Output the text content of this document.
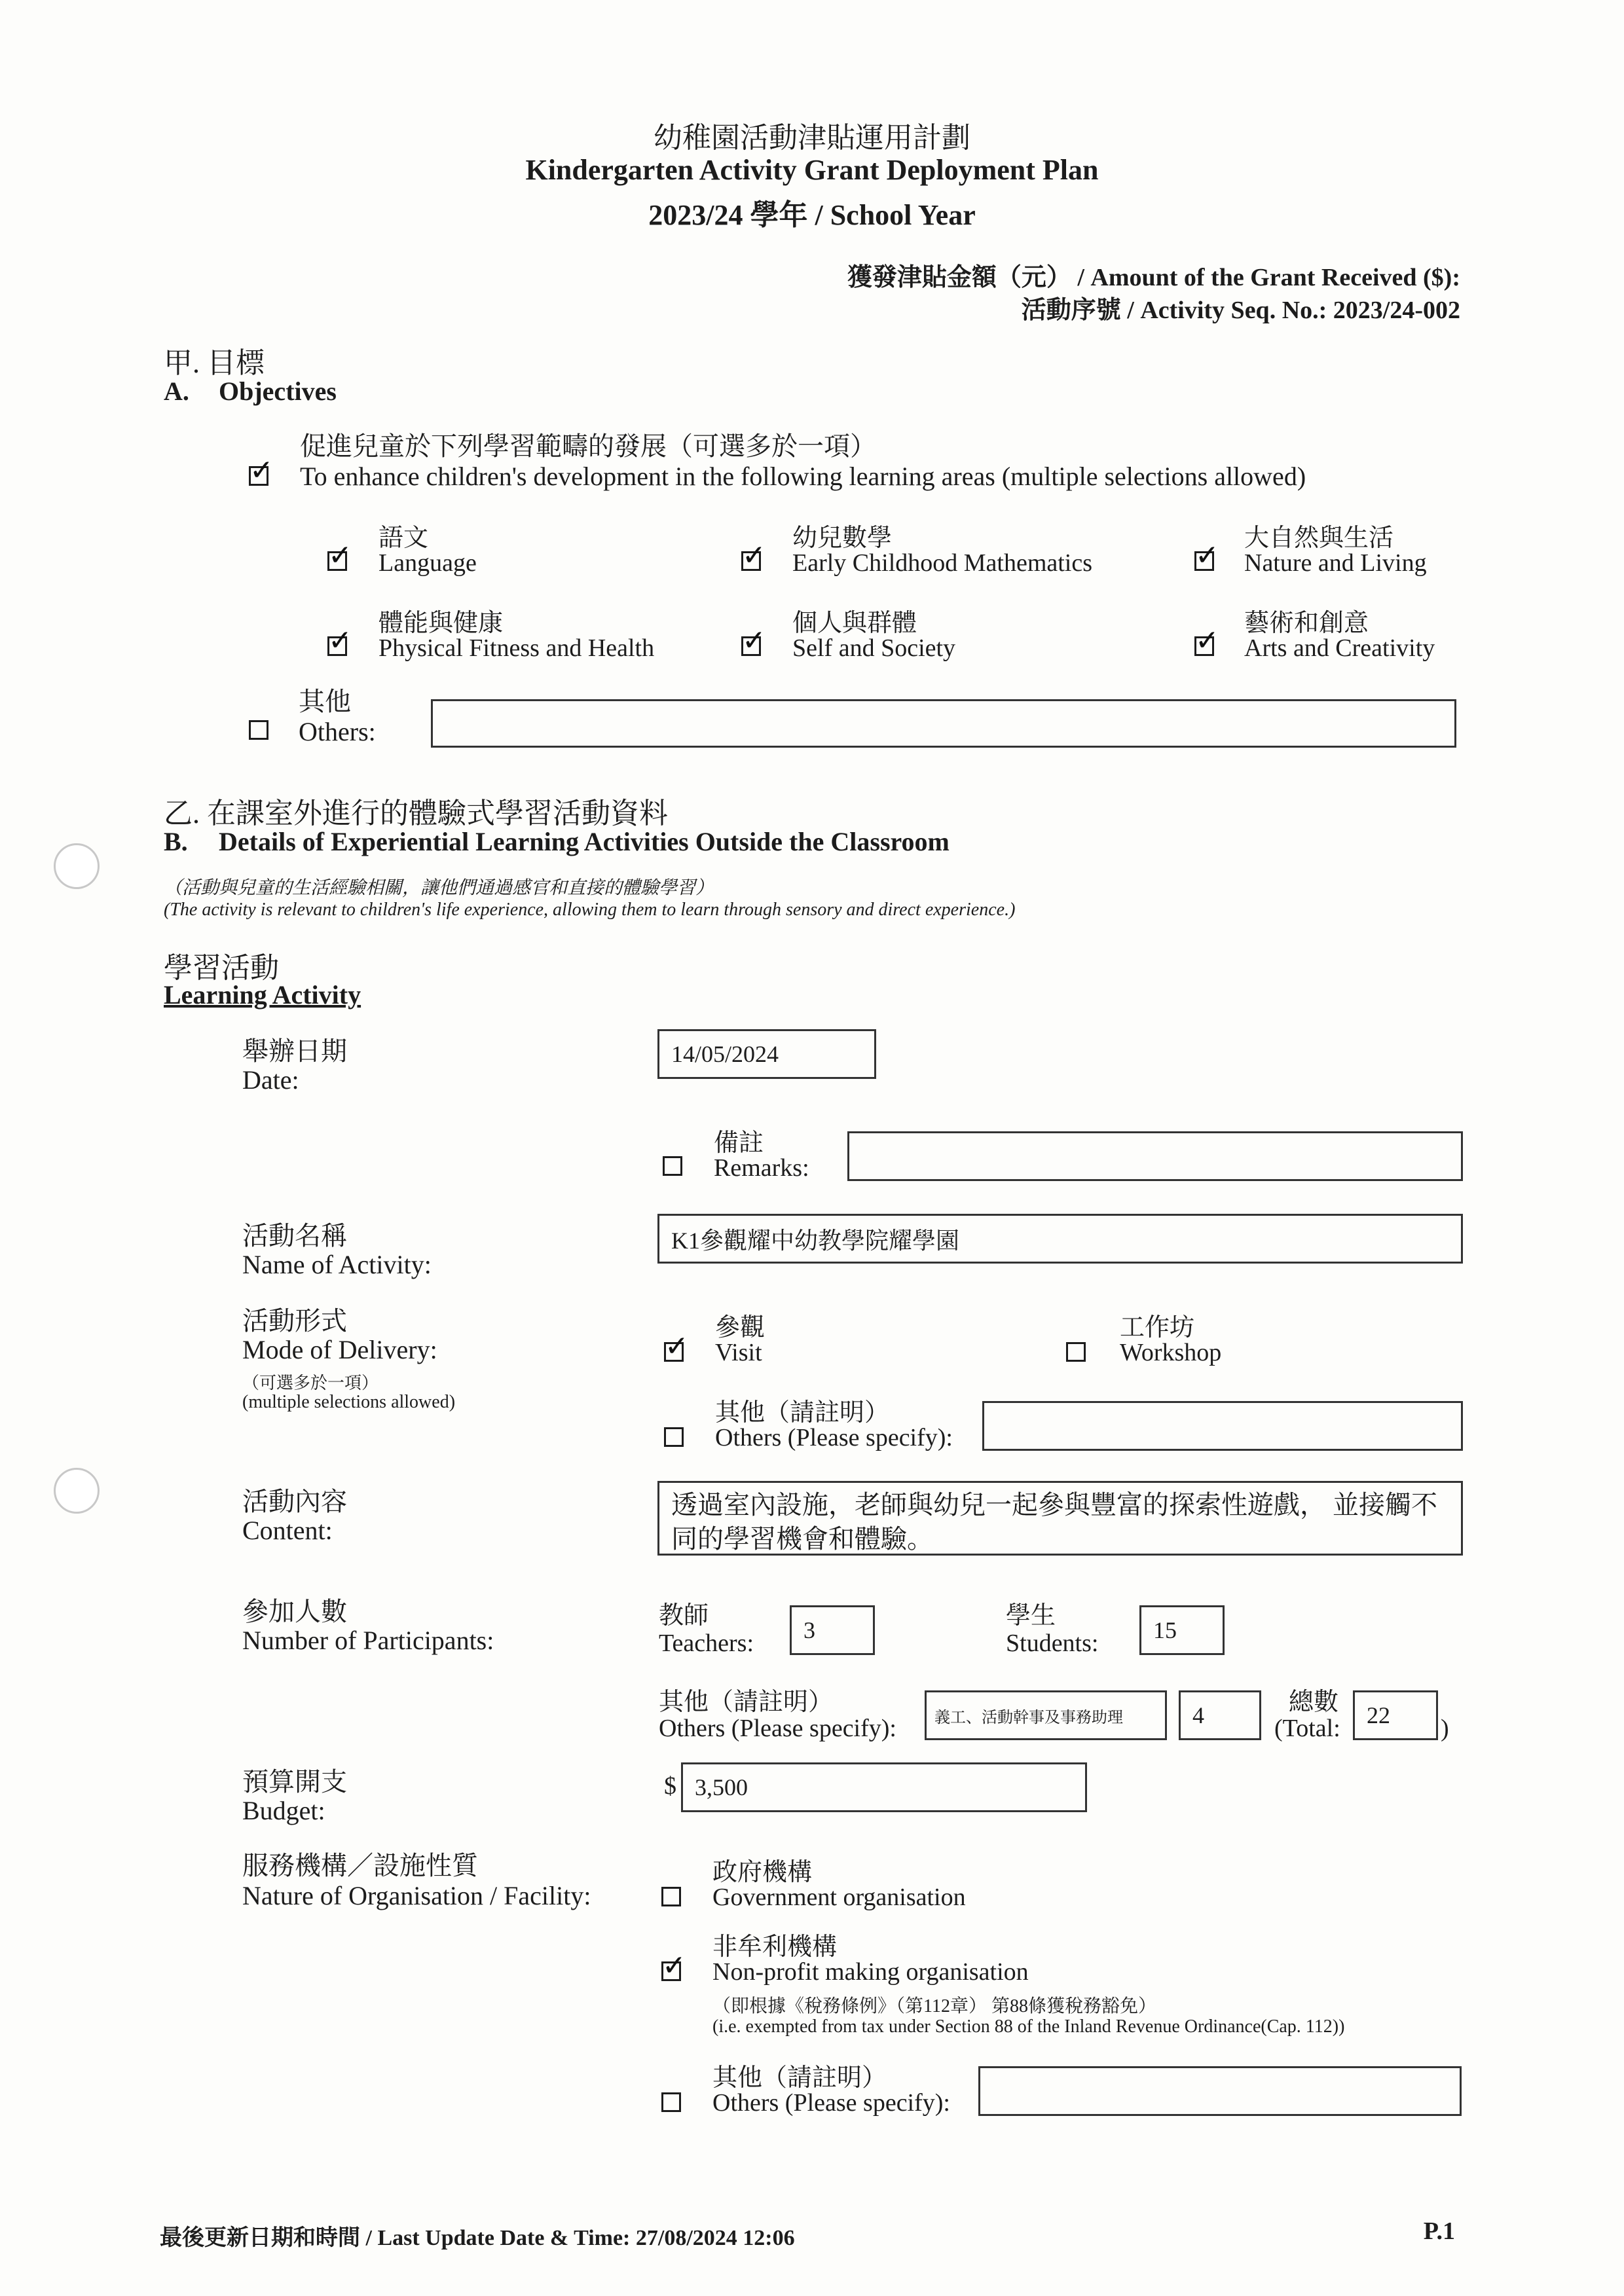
幼稚園活動津貼運用計劃
Kindergarten Activity Grant Deployment Plan
2023/24 學年 / School Year
獲發津貼金額（元） / Amount of the Grant Received ($):
活動序號 / Activity Seq. No.: 2023/24-002
甲. 目標
A. Objectives
促進兒童於下列學習範疇的發展（可選多於一項）
✓ To enhance children's development in the following learning areas (multiple selections allowed)
語文
✓ Language
幼兒數學
✓ Early Childhood Mathematics
大自然與生活
✓ Nature and Living
體能與健康
✓ Physical Fitness and Health
個人與群體
✓ Self and Society
藝術和創意
✓ Arts and Creativity
其他
Others:
乙. 在課室外進行的體驗式學習活動資料
B. Details of Experiential Learning Activities Outside the Classroom
（活動與兒童的生活經驗相關，讓他們通過感官和直接的體驗學習）
(The activity is relevant to children's life experience, allowing them to learn through sensory and direct experience.)
學習活動
Learning Activity
舉辦日期
Date:
14/05/2024
備註
Remarks:
活動名稱
Name of Activity:
K1參觀耀中幼教學院耀學園
活動形式
Mode of Delivery:
（可選多於一項）
(multiple selections allowed)
參觀
✓ Visit
工作坊
Workshop
其他（請註明）
Others (Please specify):
活動內容
Content:
透過室內設施，老師與幼兒一起參與豐富的探索性遊戲， 並接觸不同的學習機會和體驗。
參加人數
Number of Participants:
教師
Teachers:	3
學生
Students:	15
其他（請註明）
Others (Please specify):	義工、活動幹事及事務助理	4	總數
(Total:	22	)
預算開支
Budget:
$ 3,500
服務機構／設施性質
Nature of Organisation / Facility:
政府機構
Government organisation
非牟利機構
✓ Non-profit making organisation
（即根據《稅務條例》（第112章） 第88條獲稅務豁免）
(i.e. exempted from tax under Section 88 of the Inland Revenue Ordinance(Cap. 112))
其他（請註明）
Others (Please specify):
最後更新日期和時間 / Last Update Date & Time: 27/08/2024 12:06	P.1
